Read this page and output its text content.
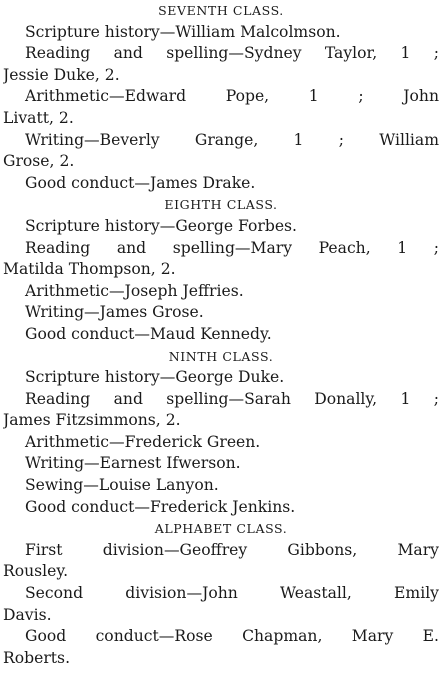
SEVENTH CLASS.
Scripture history—William Malcolmson.
Reading and spelling—Sydney Taylor, 1 ;
Jessie Duke, 2.
Arithmetic—Edward Pope, 1 ; John
Livatt, 2.
Writing—Beverly Grange, 1 ; William
Grose, 2.
Good conduct—James Drake.
EIGHTH CLASS.
Scripture history—George Forbes.
Reading and spelling—Mary Peach, 1 ;
Matilda Thompson, 2.
Arithmetic—Joseph Jeffries.
Writing—James Grose.
Good conduct—Maud Kennedy.
NINTH CLASS.
Scripture history—George Duke.
Reading and spelling—Sarah Donally, 1 ;
James Fitzsimmons, 2.
Arithmetic—Frederick Green.
Writing—Earnest Ifwerson.
Sewing—Louise Lanyon.
Good conduct—Frederick Jenkins.
ALPHABET CLASS.
First division—Geoffrey Gibbons, Mary
Rousley.
Second division—John Weastall, Emily
Davis.
Good conduct—Rose Chapman, Mary E.
Roberts.
